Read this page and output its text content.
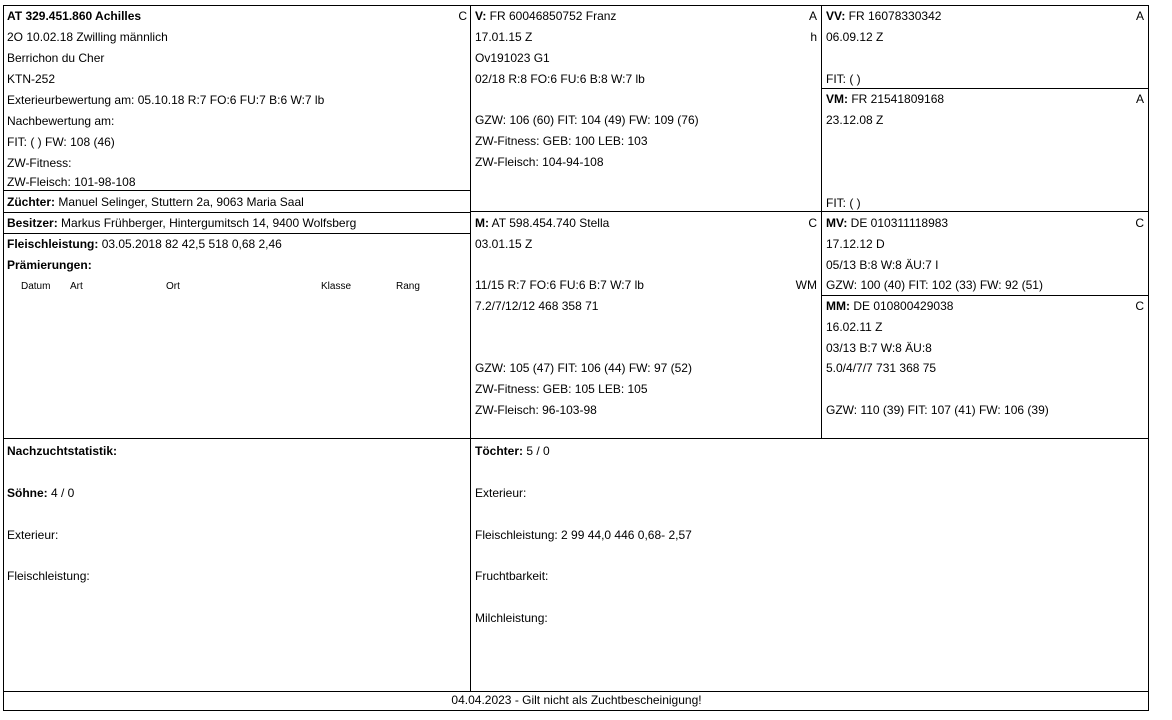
AT 329.451.860 Achilles	C
2O 10.02.18 Zwilling männlich
Berrichon du Cher
KTN-252
Exterieurbewertung am: 05.10.18 R:7 FO:6 FU:7 B:6 W:7 lb
Nachbewertung am:
FIT: ( ) FW: 108 (46)
ZW-Fitness:
ZW-Fleisch: 101-98-108
Züchter: Manuel Selinger, Stuttern 2a, 9063 Maria Saal
Besitzer: Markus Frühberger, Hintergumitsch 14, 9400 Wolfsberg
Fleischleistung: 03.05.2018 82 42,5 518 0,68 2,46
Prämierungen:
Datum Art	Ort	Klasse	Rang
V: FR 60046850752 Franz	A
17.01.15 Z	h
Ov191023 G1
02/18 R:8 FO:6 FU:6 B:8 W:7 lb
GZW: 106 (60) FIT: 104 (49) FW: 109 (76)
ZW-Fitness: GEB: 100 LEB: 103
ZW-Fleisch: 104-94-108
M: AT 598.454.740 Stella	C
03.01.15 Z
11/15 R:7 FO:6 FU:6 B:7 W:7 lb	WM
7.2/7/12/12 468 358 71
GZW: 105 (47) FIT: 106 (44) FW: 97 (52)
ZW-Fitness: GEB: 105 LEB: 105
ZW-Fleisch: 96-103-98
VV: FR 16078330342	A
06.09.12 Z
FIT: ( )
VM: FR 21541809168	A
23.12.08 Z
FIT: ( )
MV: DE 010311118983	C
17.12.12 D
05/13 B:8 W:8 ÄU:7 I
GZW: 100 (40) FIT: 102 (33) FW: 92 (51)
MM: DE 010800429038	C
16.02.11 Z
03/13 B:7 W:8 ÄU:8
5.0/4/7/7 731 368 75
GZW: 110 (39) FIT: 107 (41) FW: 106 (39)
Nachzuchtstatistik:
Söhne: 4 / 0
Exterieur:
Fleischleistung:
Töchter: 5 / 0
Exterieur:
Fleischleistung: 2 99 44,0 446 0,68- 2,57
Fruchtbarkeit:
Milchleistung:
04.04.2023 - Gilt nicht als Zuchtbescheinigung!
